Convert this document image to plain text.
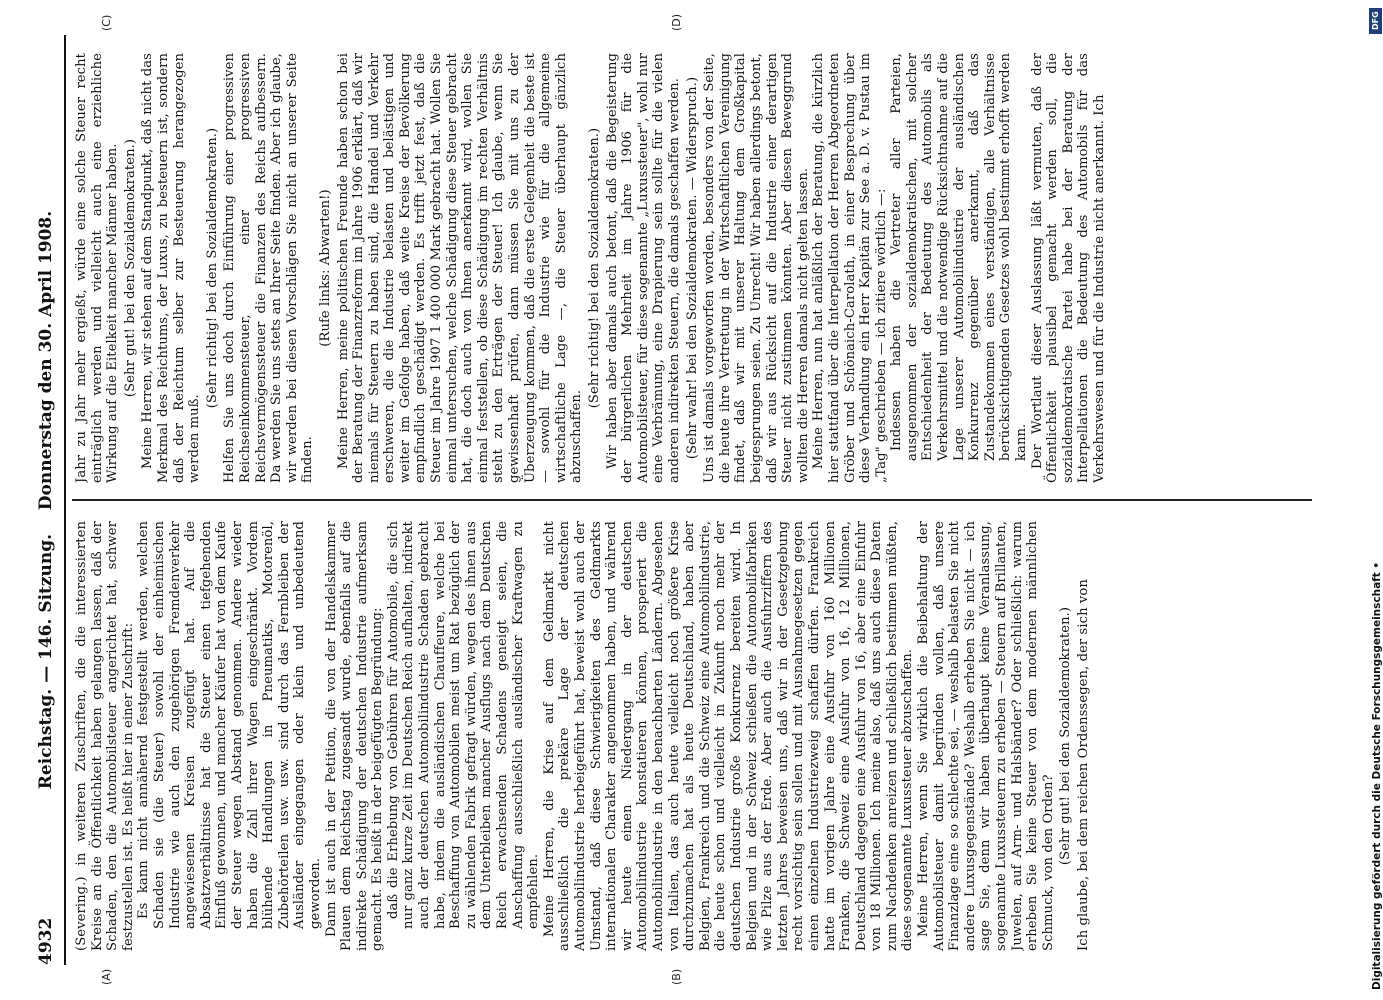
4932
Reichstag. — 146. Sitzung.    Donnerstag den 30. April 1908.
(A)	(B)
(C)	(D)

(Severing.) in weiteren Zuschriften, die die interessierten Kreise an die Öffentlichkeit haben gelangen lassen, daß der Schaden, den die Automobilsteuer angerichtet hat, schwer festzustellen ist. Es heißt hier in einer Zuschrift: Es kann nicht annähernd festgestellt werden, welchen Schaden sie (die Steuer) sowohl der einheimischen Industrie wie auch den zugehörigen Fremdenverkehr angewiesenen Kreisen zugefügt hat. Auf die Absatzverhältnisse hat die Steuer einen tiefgehenden Einfluß gewonnen, und mancher Käufer hat von dem Kaufe der Steuer wegen Abstand genommen. Andere wieder haben die Zahl ihrer Wagen eingeschränkt. Vordem blühende Handlungen in Pneumatiks, Motorenöl, Zubehörteilen usw. usw. sind durch das Fernbleiben der Ausländer eingegangen oder klein und unbedeutend geworden. Dann ist auch in der Petition, die von der Handelskammer Plauen dem Reichstag zugesandt wurde, ebenfalls auf die indirekte Schädigung der deutschen Industrie aufmerksam gemacht. Es heißt in der beigefügten Begründung: daß die Erhebung von Gebühren für Automobile, die sich nur ganz kurze Zeit im Deutschen Reich aufhalten, indirekt auch der deutschen Automobilindustrie Schaden gebracht habe, indem die ausländischen Chauffeure, welche bei Beschaffung von Automobilen meist um Rat bezüglich der zu wählenden Fabrik gefragt würden, wegen des ihnen aus dem Unterbleiben mancher Ausflugs nach dem Deutschen Reich erwachsenden Schadens geneigt seien, die Anschaffung ausschließlich ausländischer Kraftwagen zu empfehlen. Meine Herren, die Krise auf dem Geldmarkt nicht ausschließlich die prekäre Lage der deutschen Automobilindustrie herbeigeführt hat, beweist wohl auch der Umstand, daß diese Schwierigkeiten des Geldmarkts internationalen Charakter angenommen haben, und während wir heute einen Niedergang in der deutschen Automobilindustrie konstatieren können, prosperiert die Automobilindustrie in den benachbarten Ländern. Abgesehen von Italien, das auch heute vielleicht noch größere Krise durchzumachen hat als heute Deutschland, haben aber Belgien, Frankreich und die Schweiz eine Automobilindustrie, die heute schon und vielleicht in Zukunft noch mehr der deutschen Industrie große Konkurrenz bereiten wird. In Belgien und in der Schweiz schießen die Automobilfabriken wie Pilze aus der Erde. Aber auch die Ausfuhrziffern des letzten Jahres beweisen uns, daß wir in der Gesetzgebung recht vorsichtig sein sollen und mit Ausnahmegesetzen gegen einen einzelnen Industriezweig schaffen dürfen. Frankreich hatte im vorigen Jahre eine Ausfuhr von 160 Millionen Franken, die Schweiz eine Ausfuhr von 16, 12 Millionen, Deutschland dagegen eine Ausfuhr von 16, aber eine Einfuhr von 18 Millionen. Ich meine also, daß uns auch diese Daten zum Nachdenken anreizen und schließlich bestimmen müßten, diese sogenannte Luxussteuer abzuschaffen. Meine Herren, wenn Sie wirklich die Beibehaltung der Automobilsteuer damit begründen wollen, daß unsere Finanzlage eine so schlechte sei, — weshalb belasten Sie nicht andere Luxusgegenstände? Weshalb erheben Sie nicht — ich sage Sie, denn wir haben überhaupt keine Veranlassung, sogenannte Luxussteuern zu erheben — Steuern auf Brillanten, Juwelen, auf Arm- und Halsbänder? Oder schließlich: warum erheben Sie keine Steuer von dem modernen männlichen Schmuck, von den Orden? (Sehr gut! bei den Sozialdemokraten.) Ich glaube, bei dem reichen Ordenssegen, der sich von

Jahr zu Jahr mehr ergießt, würde eine solche Steuer recht einträglich werden und vielleicht auch eine erziehliche Wirkung auf die Eitelkeit mancher Männer haben. (Sehr gut! bei den Sozialdemokraten.) Meine Herren, wir stehen auf dem Standpunkt, daß nicht das Merkmal des Reichtums, der Luxus, zu besteuern ist, sondern daß der Reichtum selber zur Besteuerung herangezogen werden muß.

(Sehr richtig! bei den Sozialdemokraten.) Helfen Sie uns doch durch Einführung einer progressiven Reichseinkommensteuer, einer progressiven Reichsvermögenssteuer die Finanzen des Reichs aufbessern. Da werden Sie uns stets an Ihrer Seite finden. Aber ich glaube, wir werden bei diesen Vorschlägen Sie nicht an unserer Seite finden.

(Rufe links: Abwarten!) Meine Herren, meine politischen Freunde haben schon bei der Beratung der Finanzreform im Jahre 1906 erklärt, daß wir niemals für Steuern zu haben sind, die Handel und Verkehr erschweren, die die Industrie belasten und belästigen und weiter im Gefolge haben, daß weite Kreise der Bevölkerung empfindlich geschädigt werden. Es trifft jetzt fest, daß die Steuer im Jahre 1907 1 400 000 Mark gebracht hat. Wollen Sie einmal untersuchen, welche Schädigung diese Steuer gebracht hat, die doch auch von Ihnen anerkannt wird, wollen Sie einmal feststellen, ob diese Schädigung im rechten Verhältnis steht zu den Erträgen der Steuer! Ich glaube, wenn Sie gewissenhaft prüfen, dann müssen Sie mit uns zu der Überzeugung kommen, daß die erste Gelegenheit die beste ist — sowohl für die Industrie wie für die allgemeine wirtschaftliche Lage —, die Steuer überhaupt gänzlich abzuschaffen.

(Sehr richtig! bei den Sozialdemokraten.) Wir haben aber damals auch betont, daß die Begeisterung der bürgerlichen Mehrheit im Jahre 1906 für die Automobilsteuer, für diese sogenannte „Luxussteuer", wohl nur eine Verbrämung, eine Drapierung sein sollte für die vielen anderen indirekten Steuern, die damals geschaffen werden. (Sehr wahr! bei den Sozialdemokraten. — Widerspruch.) Uns ist damals vorgeworfen worden, besonders von der Seite, die heute ihre Vertretung in der Wirtschaftlichen Vereinigung findet, daß wir mit unserer Haltung dem Großkapital beigesprungen seien. Zu Unrecht! Wir haben allerdings betont, daß wir aus Rücksicht auf die Industrie einer derartigen Steuer nicht zustimmen könnten. Aber diesen Beweggrund wollten die Herren damals nicht gelten lassen. Meine Herren, nun hat anläßlich der Beratung, die kürzlich hier stattfand über die Interpellation der Herren Abgeordneten Gröber und Schönaich-Carolath, in einer Besprechung über diese Verhandlung ein Herr Kapitän zur See a. D. v. Pustau im „Tag" geschrieben — ich zitiere wörtlich —: Indessen haben die Vertreter aller Parteien, ausgenommen der sozialdemokratischen, mit solcher Entschiedenheit der Bedeutung des Automobils als Verkehrsmittel und die notwendige Rücksichtnahme auf die Lage unserer Automobilindustrie der ausländischen Konkurrenz gegenüber anerkannt, daß das Zustandekommen eines verständigen, alle Verhältnisse berücksichtigenden Gesetzes wohl bestimmt erhofft werden kann. Der Wortlaut dieser Auslassung läßt vermuten, daß der Öffentlichkeit plausibel gemacht werden soll, die sozialdemokratische Partei habe bei der Beratung der Interpellationen die Bedeutung des Automobils für das Verkehrswesen und für die Industrie nicht anerkannt. Ich

DFG
Digitalisierung gefördert durch die Deutsche Forschungsgemeinschaft •
